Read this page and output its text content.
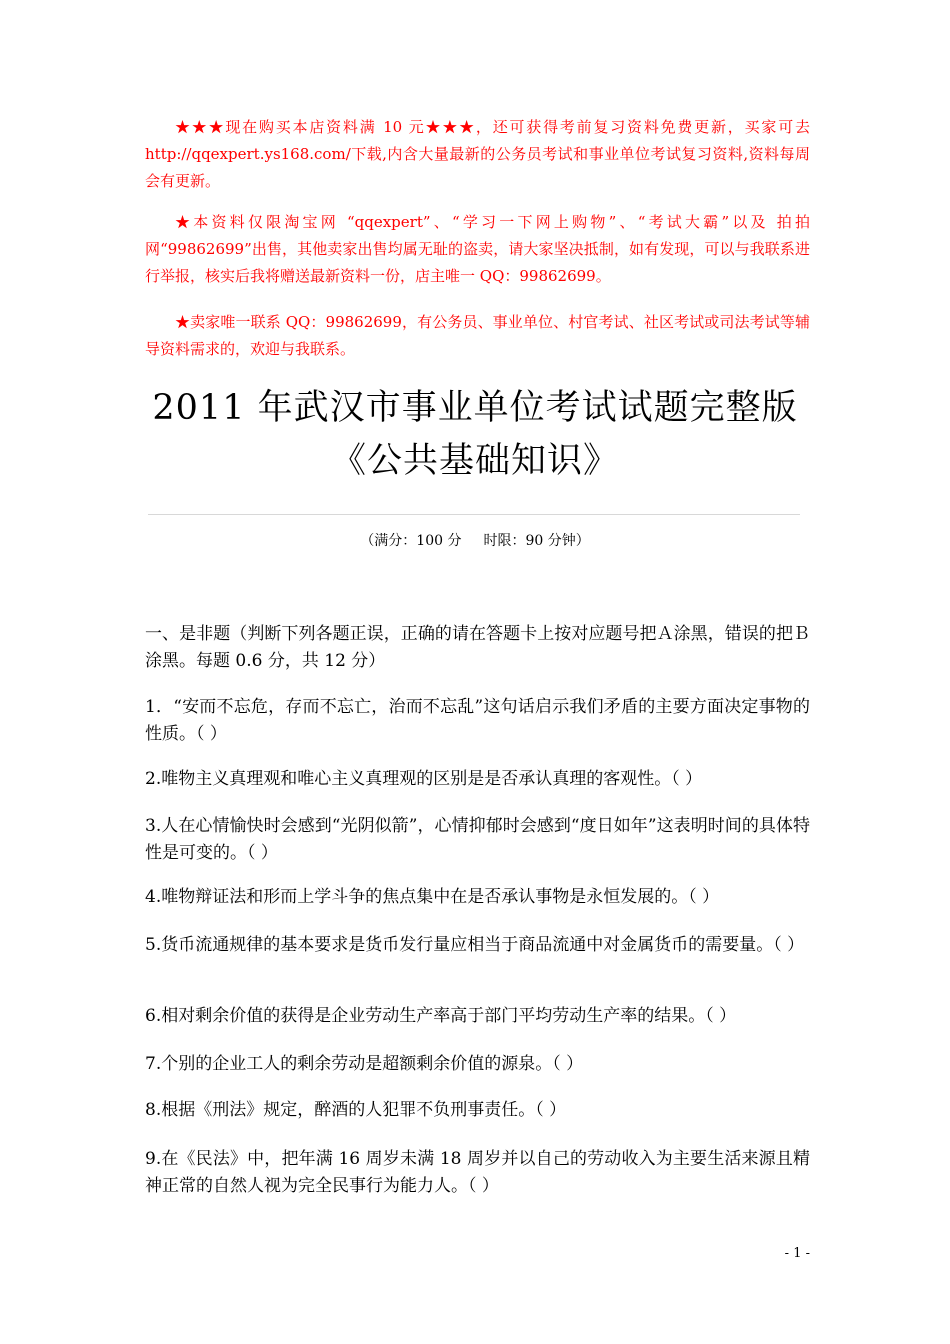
★★★现在购买本店资料满 10 元★★★，还可获得考前复习资料免费更新，买家可去 http://qqexpert.ys168.com/下载,内含大量最新的公务员考试和事业单位考试复习资料,资料每周会有更新。

★本资料仅限淘宝网 “qqexpert”、“学习一下网上购物”、“考试大霸”以及 拍拍网“99862699”出售，其他卖家出售均属无耻的盗卖，请大家坚决抵制，如有发现，可以与我联系进行举报，核实后我将赠送最新资料一份，店主唯一 QQ：99862699。

★卖家唯一联系 QQ：99862699，有公务员、事业单位、村官考试、社区考试或司法考试等辅导资料需求的，欢迎与我联系。

2011 年武汉市事业单位考试试题完整版
《公共基础知识》

（满分：100 分 时限：90 分钟）

一、是非题（判断下列各题正误，正确的请在答题卡上按对应题号把Ａ涂黑，错误的把Ｂ涂黑。每题 0.6 分，共 12 分）

1．“安而不忘危，存而不忘亡，治而不忘乱”这句话启示我们矛盾的主要方面决定事物的性质。（ ）

2.唯物主义真理观和唯心主义真理观的区别是是否承认真理的客观性。（ ）

3.人在心情愉快时会感到“光阴似箭”，心情抑郁时会感到“度日如年”这表明时间的具体特性是可变的。（ ）

4.唯物辩证法和形而上学斗争的焦点集中在是否承认事物是永恒发展的。（ ）

5.货币流通规律的基本要求是货币发行量应相当于商品流通中对金属货币的需要量。（ ）

6.相对剩余价值的获得是企业劳动生产率高于部门平均劳动生产率的结果。（ ）

7.个别的企业工人的剩余劳动是超额剩余价值的源泉。（ ）

8.根据《刑法》规定，醉酒的人犯罪不负刑事责任。（ ）

9.在《民法》中，把年满 16 周岁未满 18 周岁并以自己的劳动收入为主要生活来源且精神正常的自然人视为完全民事行为能力人。（ ）

- 1 -
